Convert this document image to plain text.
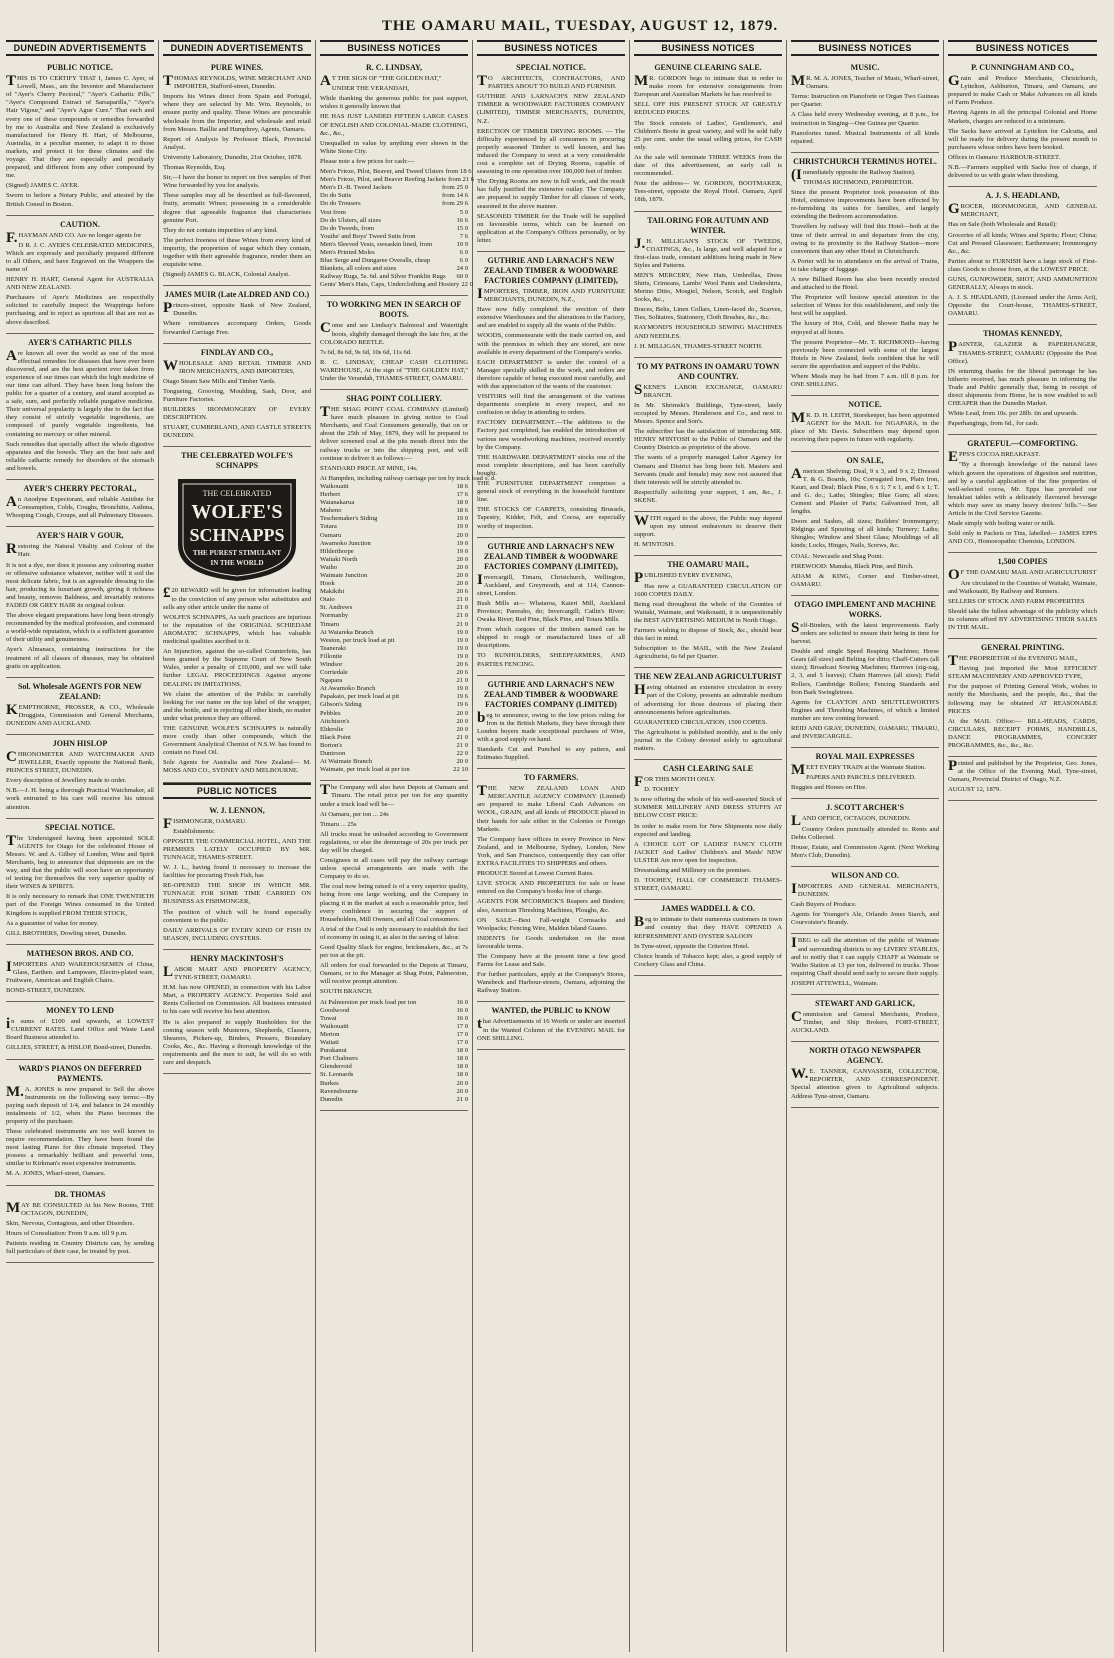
THE OAMARU MAIL, TUESDAY, AUGUST 12, 1879.
DUNEDIN ADVERTISEMENTS
PUBLIC NOTICE.

THIS IS TO CERTIFY THAT I, James C. Ayer, of Lowell, Mass., am the Inventor and Manufacturer of "Ayer's Cherry Pectoral," "Ayer's Cathartic Pills," "Ayer's Compound Extract of Sarsaparilla," "Ayer's Hair Vigour," and "Ayer's Ague Cure." That each and every one of these compounds or remedies forwarded by me to Australia and New Zealand is exclusively manufactured for Henry H. Hart, of Melbourne, Australia, in a peculiar manner, to adapt it to those markets, and protect it for these climates and the voyage. That they are especially and peculiarly prepared, and different from any other compound by me.

(Signed) JAMES C. AYER.

Sworn to before a Notary Public, and attested by the British Consul in Boston.

CAUTION.

F.HAYMAN AND CO. Are no longer agents for

D R. J. C. AYER'S CELEBRATED MEDICINES, Which are expressly and peculiarly prepared different to all Others, and have Engraved on the Wrappers the name of

HENRY H. HART, General Agent for AUSTRALIA AND NEW ZEALAND.

Purchasers of Ayer's Medicines are respectfully solicited to carefully inspect the Wrappings before purchasing, and to reject as spurious all that are not as above described.

AYER'S CATHARTIC PILLS

Are known all over the world as one of the most effectual remedies for diseases that have ever been discovered, and are the best aperient ever taken from experience of our times can which the high medicine of our time can afford. They have been long before the public for a quarter of a century, and stand accepted as a safe, sure, and perfectly reliable purgative medicine. Their universal popularity is largely due to the fact that they consist of strictly vegetable ingredients, are composed of purely vegetable ingredients, but containing no mercury or other mineral.

Such remedies that specially affect the whole digestive apparatus and the bowels. They are the best safe and reliable cathartic remedy for disorders of the stomach and bowels.

AYER'S CHERRY PECTORAL,

An Anodyne Expectorant, and reliable Antidote for Consumption, Colds, Coughs, Bronchitis, Asthma, Whooping Cough, Croups, and all Pulmonary Diseases.

AYER'S HAIR V GOUR,

Restoring the Natural Vitality and Colour of the Hair.

It is not a dye, nor does it possess any colouring matter or offensive substance whatever, neither will it soil the most delicate fabric, but is an agreeable dressing to the hair, producing its luxuriant growth, giving it richness and beauty, removes Baldness, and invariably restores FADED OR GREY HAIR its original colour.

The above elegant preparations have long been strongly recommended by the medical profession, and command a world-wide reputation, which is a sufficient guarantee of their utility and genuineness.

Ayer's Almanacs, containing instructions for the treatment of all classes of diseases, may be obtained gratis on application.

Sol. Wholesale AGENTS FOR NEW ZEALAND:

KEMPTHORNE, PROSSER, & CO., Wholesale Druggists, Commission and General Merchants, DUNEDIN AND AUCKLAND.

JOHN HISLOP

CHRONOMETER AND WATCHMAKER AND JEWELLER, Exactly opposite the National Bank, PRINCES STREET, DUNEDIN.

Every description of Jewellery made to order.

N.B.—J. H. being a thorough Practical Watchmaker, all work entrusted to his care will receive his utmost attention.

SPECIAL NOTICE.

The Undersigned having been appointed SOLE AGENTS for Otago for the celebrated House of Messrs. W. and A. Gilbey of London, Wine and Spirit Merchants, beg to announce that shipments are on the way, and that the public will soon have an opportunity of testing for themselves the very superior quality of their WINES & SPIRITS.

It is only necessary to remark that ONE TWENTIETH part of the Foreign Wines consumed in the United Kingdom is supplied FROM THEIR STOCK,

As a guarantee of value for money.

GILL BROTHERS, Dowling street, Dunedin.

MATHESON BROS. AND CO.

IMPORTERS AND WAREHOUSEMEN of China, Glass, Earthen. and Lampware, Electro-plated ware, Fruitware, American and English Chairs.

BOND-STREET, DUNEDIN.

MONEY TO LEND

in sums of £100 and upwards, at LOWEST CURRENT RATES. Land Office and Waste Land Board Business attended to.

GILLIES, STREET, & HISLOP, Bond-street, Dunedin.

WARD'S PIANOS ON DEFERRED PAYMENTS.

M.A. JONES is now prepared to Sell the above Instruments on the following easy terms:—By paying such deposit of 1/4, and balance in 24 monthly instalments of 1/2, when the Piano becomes the property of the purchaser.

These celebrated instruments are too well known to require recommendation. They have been found the most lasting Piano for this climate imported. They possess a remarkably brilliant and powerful tone, similar to Kirkman's most expensive instruments.

M. A. JONES, Wharf-street, Oamaru.

DR. THOMAS

MAY BE CONSULTED At his New Rooms, THE OCTAGON, DUNEDIN,

Skin, Nervous, Contagious, and other Disorders.

Hours of Consultation: From 9 a.m. till 9 p.m.

Patients residing in Country Districts can, by sending full particulars of their case, be treated by post.

DUNEDIN ADVERTISEMENTS
PURE WINES.

THOMAS REYNOLDS, WINE MERCHANT AND IMPORTER, Stafford-street, Dunedin.

Imports his Wines direct from Spain and Portugal, where they are selected by Mr. Wm. Reynolds, to ensure purity and quality. These Wines are procurable wholesale from the Importer, and wholesale and retail from Messrs. Baillie and Humphrey, Agents, Oamaru.

Report of Analysis by Professor Black, Provincial Analyst.

University Laboratory, Dunedin, 21st October, 1878.

Thomas Reynolds, Esq.

Sir,—I have the honor to report on five samples of Port Wine forwarded by you for analysis.

These samples may all be described as full-flavoured, fruity, aromatic Wines; possessing in a considerable degree that agreeable fragrance that characterises genuine Port.

They do not contain impurities of any kind.

The perfect freeness of these Wines from every kind of impurity, the proportion of sugar which they contain, together with their agreeable fragrance, render them an exquisite wine.

(Signed) JAMES G. BLACK, Colonial Analyst.

JAMES MUIR (Late ALDRED AND CO.)

Princes-street, opposite Bank of New Zealand, Dunedin.

Where remittances accompany Orders, Goods forwarded Carriage Free.

FINDLAY AND CO.,

WHOLESALE AND RETAIL TIMBER AND IRON MERCHANTS, AND IMPORTERS,

Otago Steam Saw Mills and Timber Yards.

Tongueing, Grooving, Moulding, Sash, Door, and Furniture Factories.

BUILDERS IRONMONGERY OF EVERY DESCRIPTION.

STUART, CUMBERLAND, AND CASTLE STREETS DUNEDIN.

THE CELEBRATED WOLFE'S SCHNAPPS
THE CELEBRATED
WOLFE'S
SCHNAPPS
THE PUREST STIMULANT
IN THE WORLD

£20 REWARD will be given for information leading to the conviction of any person who substitutes and sells any other article under the name of

WOLFE'S SCHNAPPS, As such practices are injurious to the reputation of the ORIGINAL SCHIEDAM AROMATIC SCHNAPPS, which has valuable medicinal qualities ascribed to it.

An Injunction, against the so-called Counterfeits, has been granted by the Supreme Court of New South Wales, under a penalty of £10,000, and we will take further LEGAL PROCEEDINGS Against anyone DEALING IN IMITATIONS.

We claim the attention of the Public in carefully looking for our name on the top label of the wrapper, and the bottle, and in rejecting all other kinds, no matter under what pretence they are offered.

THE GENUINE WOLFE'S SCHNAPPS is naturally more costly than other compounds, which the Government Analytical Chemist of N.S.W. has found to contain no Fusel Oil.

Sole Agents for Australia and New Zealand— M. MOSS AND CO., SYDNEY AND MELBOURNE.

PUBLIC NOTICES
W. J. LENNON,

FISHMONGER, OAMARU.

Establishments:

OPPOSITE THE COMMERCIAL HOTEL, AND THE PREMISES LATELY OCCUPIED BY MR. TUNNAGE, THAMES-STREET.

W. J. L., having found it necessary to increase the facilities for procuring Fresh Fish, has

RE-OPENED THE SHOP IN WHICH MR. TUNNAGE FOR SOME TIME CARRIED ON BUSINESS AS FISHMONGER,

The position of which will be found especially convenient to the public.

DAILY ARRIVALS OF EVERY KIND OF FISH IN SEASON, INCLUDING OYSTERS.

HENRY MACKINTOSH'S

LABOR MART AND PROPERTY AGENCY, TYNE-STREET, OAMARU.

H.M. has now OPENED, in connection with his Labor Mart, a PROPERTY AGENCY. Properties Sold and Rents Collected on Commission. All business entrusted to his care will receive his best attention.

He is also prepared to supply Runholders for the coming season with Musterers, Shepherds, Classers, Shearers, Pickers-up, Binders, Pressers, Boundary Cooks, &c., &c. Having a thorough knowledge of the requirements and the men to suit, he will do so with care and despatch.

BUSINESS NOTICES
R. C. LINDSAY,

AT THE SIGN OF "THE GOLDEN HAT,"

UNDER THE VERANDAH,

While thanking the generous public for past support, wishes it generally known that

HE HAS JUST LANDED FIFTEEN LARGE CASES OF ENGLISH AND COLONIAL-MADE CLOTHING, &c., &c.,

Unequalled in value by anything ever shown in the White Stone City.

Please note a few prices for cash:—

Men's Frieze, Pilot, Beaver, and Tweed Ulsters from 18 6
Men's Frieze, Pilot, and Beaver Reefing Jackets from 21 6
Men's D.-B. Tweed Jackets	from 25 0
Do do Suits	from 14 6
Do do Trousers	from 29 6
Vest from	5 0
Do do Ulsters, all sizes	16 6
Do do Tweeds, from	15 0
Youths' and Boys' Tweed Suits from	7 6
Men's Sleeved Vests, sweaskin lined, from	10 9
Men's Printed Moles	6 0
Blue Serge and Dungaree Overalls, cheap	6 0
Blankets, all colors and sizes	24 0
Railway Rugs, 5s. 6d. and Silver Franklin Rugs	60 0
Gents' Men's Hats, Caps, Underclothing and Hosiery 22 0
TO WORKING MEN IN SEARCH OF BOOTS.

Come and see Lindsay's Balmoral and Watertight boots, slightly damaged through the late fire, at the COLORADO BEETLE.

7s 6d, 8s 6d, 9s 6d, 10s 6d, 11s 6d.

R. C. LINDSAY, CHEAP CASH CLOTHING WAREHOUSE, At the sign of "THE GOLDEN HAT," Under the Verandah, THAMES-STREET, OAMARU.

SHAG POINT COLLIERY.

THE SHAG POINT COAL COMPANY (Limited) have much pleasure in giving notice to Coal Merchants, and Coal Consumers generally, that on or about the 25th of May, 1879, they will be prepared to deliver screened coal at the pits mouth direct into the railway trucks or into the shipping port, and will continue to deliver it as follows:—

STANDARD PRICE AT MINE, 14s.

At Hampden, including railway carriage per ton by truck load s. d.
Waikouaiti	18 6
Herbert	17 6
Waianakarua	18 0
Maheno	18 6
Teschemaker's Siding	19 0
Totara	19 0
Oamaru	20 0
Awamoko Junction	19 0
Hilderthorpe	19 0
Waitaki North	20 0
Waiho	20 0
Waimate Junction	20 0
Hook	20 0
Makikihi	20 6
Otaio	21 0
St. Andrews	21 0
Normanby	21 0
Timaru	21 0
At Waiareka Branch	19 0
Weston, per truck load at pit	19 0
Teaneraki	19 0
Fillonite	19 0
Windsor	20 6
Corriedale	20 6
Ngapara	21 0
At Awamoko Branch	19 0
Papakaio, per truck load at pit	19 6
Gibson's Siding	19 6
Pebbles	20 0
Aitchison's	20 0
Elderslie	20 0
Black Point	21 0
Borton's	21 0
Duntroon	22 0
At Waimate Branch	20 0
Waimate, per truck load at per ton	22 10

The Company will also have Depots at Oamaru and Timaru. The retail price per ton for any quantity under a truck load will be—

At Oamaru, per ton ... 24s

Timaru ... 25s

All trucks must be unloaded according to Government regulations, or else the demurrage of 20s per truck per day will be charged.

Consignees in all cases will pay the railway carriage unless special arrangements are made with the Company to do so.

The coal now being raised is of a very superior quality, being from one large working, and the Company in placing it in the market at such a reasonable price, feel every confidence in securing the support of Householders, Mill Owners, and all Coal consumers.

A trial of the Coal is only necessary to establish the fact of economy in using it, as also in the saving of labor.

Good Quality Slack for engine, brickmakers, &c., at 7s per ton at the pit.

All orders for coal forwarded to the Depots at Timaru, Oamaru, or to the Manager at Shag Point, Palmerston, will receive prompt attention.

SOUTH BRANCH.

At Palmerston per truck load per ton	16 0
Goodwood	16 0
Tuwai	16 0
Waikouaiti	17 0
Merton	17 0
Waitati	17 0
Purakanui	18 0
Port Chalmers	18 0
Glenderroid	18 0
St. Leonards	18 0
Burkes	20 0
Ravensbourne	20 0
Dunedin	21 0
BUSINESS NOTICES
SPECIAL NOTICE.

TO ARCHITECTS, CONTRACTORS, AND PARTIES ABOUT TO BUILD AND FURNISH.

GUTHRIE AND LARNACH'S NEW ZEALAND TIMBER & WOODWARE FACTORIES COMPANY (LIMITED), TIMBER MERCHANTS, DUNEDIN, N.Z.

ERECTION OF TIMBER DRYING ROOMS. — The difficulty experienced by all consumers in procuring properly seasoned Timber is well known, and has induced the Company to erect at a very considerable cost a complete set of Drying Rooms, capable of seasoning in one operation over 100,000 feet of timber.

The Drying Rooms are now in full work, and the result has fully justified the extensive outlay. The Company are prepared to supply Timber for all classes of work, seasoned in the above manner.

SEASONED TIMBER for the Trade will be supplied on favourable terms, which can be learned on application at the Company's Offices personally, or by letter.

GUTHRIE AND LARNACH'S NEW ZEALAND TIMBER & WOODWARE FACTORIES COMPANY (LIMITED),

IMPORTERS, TIMBER, IRON AND FURNITURE MERCHANTS, DUNEDIN, N.Z.,

Have now fully completed the erection of their extensive Warehouses and the alterations to the Factory, and are enabled to supply all the wants of the Public.

WOODS, commensurate with the trade carried on, and with the premises in which they are stored, are now available in every department of the Company's works.

EACH DEPARTMENT is under the control of a Manager specially skilled in the work, and orders are therefore capable of being executed most carefully, and with due appreciation of the wants of the customer.

VISITORS will find the arrangement of the various departments complete in every respect, and no confusion or delay in attending to orders.

FACTORY DEPARTMENT.—The additions to the Factory just completed, has enabled the introduction of various new woodworking machines, received recently by the Company.

THE HARDWARE DEPARTMENT stocks one of the most complete descriptions, and has been carefully bought.

THE FURNITURE DEPARTMENT comprises a general stock of everything in the household furniture line.

THE STOCKS OF CARPETS, consisting Brussels, Tapestry, Kidder, Felt, and Cocoa, are especially worthy of inspection.

GUTHRIE AND LARNACH'S NEW ZEALAND TIMBER & WOODWARE FACTORIES COMPANY (LIMITED),

Invercargill, Timaru, Christchurch, Wellington, Auckland, and Greymouth, and at 114, Cannon-street, London.

Bush Mills at— Whataroa, Kaieri Mill, Auckland Province; Pareraho, do; Invercargill; Catlin's River; Owaka River; Red Pine, Black Pine, and Totara Mills.

From which cargoes of the timbers named can be shipped to rough or manufactured lines of all descriptions.

TO RUNHOLDERS, SHEEPFARMERS, AND PARTIES FENCING.

GUTHRIE AND LARNACH'S NEW ZEALAND TIMBER & WOODWARE FACTORIES COMPANY (LIMITED)

beg to announce, owing to the low prices ruling for Iron in the British Markets, they have through their London buyers made exceptional purchases of Wire, with a good supply on hand.

Standards Cut and Punched to any pattern, and Estimates Supplied.

TO FARMERS.

THE NEW ZEALAND LOAN AND MERCANTILE AGENCY COMPANY (Limited) are prepared to make Liberal Cash Advances on WOOL, GRAIN, and all kinds of PRODUCE placed in their hands for sale either in the Colonies or Foreign Markets.

The Company have offices in every Province in New Zealand, and in Melbourne, Sydney, London, New York, and San Francisco, consequently they can offer EXTRA FACILITIES TO SHIPPERS and others.

PRODUCE Stored at Lowest Current Rates.

LIVE STOCK AND PROPERTIES for sale or lease entered on the Company's books free of charge.

AGENTS FOR M'CORMICK'S Reapers and Binders; also, American Threshing Machines, Ploughs, &c.

ON SALE—Best Fall-weight Cornsacks and Woolpacks; Fencing Wire, Malden Island Guano.

INDENTS for Goods undertaken on the most favourable terms.

The Company have at the present time a few good Farms for Lease and Sale.

For further particulars, apply at the Company's Stores, Wansbeck and Harbour-streets, Oamaru, adjoining the Railway Station.

WANTED, the PUBLIC to KNOW

that Advertisements of 16 Words or under are inserted in the Wanted Column of the EVENING MAIL for ONE SHILLING.

BUSINESS NOTICES
GENUINE CLEARING SALE.

MR. GORDON begs to intimate that in order to make room for extensive consignments from European and Australian Markets he has resolved to

SELL OFF HIS PRESENT STOCK AT GREATLY REDUCED PRICES.

The Stock consists of Ladies', Gentlemen's, and Children's Boots in great variety, and will be sold fully 25 per cent. under the usual selling prices, for CASH only.

As the sale will terminate THREE WEEKS from the date of this advertisement, an early call is recommended.

Note the address— W. GORDON, BOOTMAKER, Tees-street, opposite the Royal Hotel. Oamaru, April 18th, 1879.

TAILORING FOR AUTUMN AND WINTER.

J.H. MILLIGAN'S STOCK OF TWEEDS, COATINGS, &c., Is large, and well adapted for a first-class trade, constant additions being made in New Styles and Patterns.

MEN'S MERCERY, New Hats, Umbrellas, Dress Shirts, Crimeans, Lambs' Wool Pants and Undershirts, Merino Ditto, Mosgiel, Nelson, Scotch, and English Socks, &c.,

Braces, Belts, Linen Collars, Linen-faced do., Scarves, Ties, Solitaires, Stationery, Cloth Brushes, &c., &c.

RAYMOND'S HOUSEHOLD SEWING MACHINES AND NEEDLES.

J. H. MILLIGAN, THAMES-STREET NORTH.

TO MY PATRONS IN OAMARU TOWN AND COUNTRY.

SKENE'S LABOR EXCHANGE, OAMARU BRANCH.

In Mr. Shrimski's Buildings, Tyne-street, lately occupied by Messrs. Henderson and Co., and next to Messrs. Spence and Son's.

The subscriber has the satisfaction of introducing MR. HENRY M'INTOSH to the Public of Oamaru and the Country Districts as proprietor of the above.

The wants of a properly managed Labor Agency for Oamaru and District has long been felt. Masters and Servants (male and female) may now rest assured that their interests will be strictly attended to.

Respectfully soliciting your support, I am, &c., J. SKENE.

WITH regard to the above, the Public may depend upon my utmost endeavours to deserve their support.

H. M'INTOSH.

THE OAMARU MAIL,

PUBLISHED EVERY EVENING,

Has now a GUARANTEED CIRCULATION OF 1600 COPIES DAILY.

Being read throughout the whole of the Counties of Waitaki, Waimate, and Waikouaiti, it is unquestionably the BEST ADVERTISING MEDIUM in North Otago.

Farmers wishing to dispose of Stock, &c., should bear this fact in mind.

Subscription to the MAIL, with the New Zealand Agriculturist, 6s 6d per Quarter.

THE NEW ZEALAND AGRICULTURIST

Having obtained an extensive circulation in every part of the Colony, presents an admirable medium of advertising for those desirous of placing their announcements before agriculturists.

GUARANTEED CIRCULATION, 1500 COPIES.

The Agriculturist is published monthly, and is the only journal in the Colony devoted solely to agricultural matters.

CASH CLEARING SALE

FOR THIS MONTH ONLY.

D. TOOHEY

Is now offering the whole of his well-assorted Stock of SUMMER MILLINERY AND DRESS STUFFS AT BELOW COST PRICE:

In order to make room for New Shipments now daily expected and landing.

A CHOICE LOT OF LADIES' FANCY CLOTH JACKET And Ladies' Children's and Maids' NEW ULSTER Are now open for inspection.

Dressmaking and Millinery on the premises.

D. TOOHEY, HALL OF COMMERCE THAMES-STREET, OAMARU.

JAMES WADDELL & CO.

Beg to intimate to their numerous customers in town and country that they HAVE OPENED A REFRESHMENT AND OYSTER SALOON

In Tyne-street, opposite the Criterion Hotel.

Choice brands of Tobacco kept; also, a good supply of Crockery Glass and China.

BUSINESS NOTICES
MUSIC.

MR. M. A. JONES, Teacher of Music, Wharf-street, Oamaru.

Terms: Instruction on Pianoforte or Organ Two Guineas per Quarter.

A Class held every Wednesday evening, at 8 p.m., for instruction in Singing—One Guinea per Quarter.

Pianofortes tuned. Musical Instruments of all kinds repaired.

CHRISTCHURCH TERMINUS HOTEL.

(Immediately opposite the Railway Station).

THOMAS RICHMOND, PROPRIETOR.

Since the present Proprietor took possession of this Hotel, extensive improvements have been effected by re-furnishing its suites for families, and largely extending the Bedroom accommodation.

Travellers by railway will find this Hotel—both at the time of their arrival in and departure from the city, owing to its proximity to the Railway Station—more convenient than any other Hotel in Christchurch.

A Porter will be in attendance on the arrival of Trains, to take charge of luggage.

A new Billiard Room has also been recently erected and attached to the Hotel.

The Proprietor will bestow special attention to the selection of Wines for this establishment, and only the best will be supplied.

The luxury of Hot, Cold, and Shower Baths may be enjoyed at all hours.

The present Proprietor—Mr. T. RICHMOND—having previously been connected with some of the largest Hotels in New Zealand, feels confident that he will secure the approbation and support of the Public.

Where Meals may be had from 7 a.m. till 8 p.m. for ONE SHILLING.

NOTICE.

MR. D. H. LEITH, Storekeeper, has been appointed AGENT for the MAIL for NGAPARA, in the place of Mr. Davis. Subscribers may depend upon receiving their papers in future with regularity.

ON SALE,

American Shelving; Deal, 9 x 3, and 9 x 2; Dressed T. & G. Boards, 10s; Corrugated Iron, Plain Iron, Kauri, and Deal; Black Pine, 6 x 1; 7 x 1, and 6 x 1; T. and G. do.; Laths; Shingles; Blue Gum; all sizes; Cement and Plaster of Paris; Galvanised Iron, all lengths.

Doors and Sashes, all sizes; Builders' Ironmongery; Ridgings and Spouting of all kinds; Turnery; Laths; Shingles; Window and Sheet Glass; Mouldings of all kinds; Locks, Hinges, Nails, Screws, &c.

COAL: Newcastle and Shag Point.

FIREWOOD: Manuka, Black Pine, and Birch.

ADAM & KING, Corner and Timber-street, OAMARU.

OTAGO IMPLEMENT AND MACHINE WORKS.

Self-Binders, with the latest improvements. Early orders are solicited to ensure their being in time for harvest.

Double and single Speed Reaping Machines; Horse Gears (all sizes) and Belting for ditto; Chaff-Cutters (all sizes); Broadcast Sowing Machines; Harrows (zig-zag, 2, 3, and 5 leaves); Chain Harrows (all sizes); Field Rollers, Cambridge Rollers; Fencing Standards and Iron Bark Swingletrees.

Agents for CLAYTON AND SHUTTLEWORTH'S Engines and Threshing Machines, of which a limited number are now coming forward.

REID AND GRAY, DUNEDIN, OAMARU, TIMARU, and INVERCARGILL.

ROYAL MAIL EXPRESSES

MEET EVERY TRAIN at the Waimate Station.

PAPERS AND PARCELS DELIVERED.

Buggies and Horses on Hire.

J. SCOTT ARCHER'S

LAND OFFICE, OCTAGON, DUNEDIN.

Country Orders punctually attended to. Rents and Debts Collected.

House, Estate, and Commission Agent. (Next Working Men's Club, Dunedin).

WILSON AND CO.

IMPORTERS AND GENERAL MERCHANTS, DUNEDIN.

Cash Buyers of Produce.

Agents for Younger's Ale, Orlando Jones Starch, and Courvoisier's Brandy.

IBEG to call the attention of the public of Waimate and surrounding districts to my LIVERY STABLES, and to notify that I can supply CHAFF at Waimate or Waiho Station at 13 per ton, delivered in trucks. Those requiring Chaff should send early to secure their supply.

JOSEPH ATTEWELL, Waimate.

STEWART AND GARLICK,

Commission and General Merchants, Produce, Timber, and Ship Brokers, FORT-STREET, AUCKLAND.

NORTH OTAGO NEWSPAPER AGENCY.

W.E. TANNER, CANVASSER, COLLECTOR, REPORTER, AND CORRESPONDENT. Special attention given to Agricultural subjects. Address Tyne-street, Oamaru.

BUSINESS NOTICES
P. CUNNINGHAM AND CO.,

Grain and Produce Merchants, Christchurch, Lyttelton, Ashburton, Timaru, and Oamaru, are prepared to make Cash or Make Advances on all kinds of Farm Produce.

Having Agents in all the principal Colonial and Home Markets, charges are reduced to a minimum.

The Sacks have arrived at Lyttelton for Calcutta, and will be ready for delivery during the present month to purchasers whose orders have been booked.

Offices in Oamaru: HARBOUR-STREET.

N.B.—Farmers supplied with Sacks free of charge, if delivered to us with grain when threshing.

A. J. S. HEADLAND,

GROCER, IRONMONGER, AND GENERAL MERCHANT,

Has on Sale (both Wholesale and Retail):

Groceries of all kinds; Wines and Spirits; Flour; China; Cut and Pressed Glassware; Earthenware; Ironmongery &c., &c.

Parties about to FURNISH have a large stock of First-class Goods to choose from, at the LOWEST PRICE.

GUNS, GUNPOWDER, SHOT, AND AMMUNITION GENERALLY, Always in stock.

A. J. S. HEADLAND, (Licensed under the Arms Act), Opposite the Court-house, THAMES-STREET, OAMARU.

THOMAS KENNEDY,

PAINTER, GLAZIER & PAPERHANGER, THAMES-STREET, OAMARU (Opposite the Post Office).

IN returning thanks for the liberal patronage he has hitherto received, has much pleasure in informing the Trade and Public generally that, being in receipt of direct shipments from Home, he is now enabled to sell CHEAPER than the Dunedin Market.

White Lead, from 10s. per 28lb. tin and upwards.

Paperhangings, from 6d., for cash.

GRATEFUL—COMFORTING.

EPPS'S COCOA BREAKFAST.

"By a thorough knowledge of the natural laws which govern the operations of digestion and nutrition, and by a careful application of the fine properties of well-selected cocoa, Mr. Epps has provided our breakfast tables with a delicately flavoured beverage which may save us many heavy doctors' bills."—See Article in the Civil Service Gazette.

Made simply with boiling water or milk.

Sold only in Packets or Tins, labelled— JAMES EPPS AND CO., Homoeopathic Chemists, LONDON.

1,500 COPIES

OF THE OAMARU MAIL AND AGRICULTURIST

Are circulated in the Counties of Waitaki, Waimate, and Waikouaiti, By Railway and Runners.

SELLERS OF STOCK AND FARM PROPERTIES

Should take the fullest advantage of the publicity which its columns afford BY ADVERTISING THEIR SALES IN THE MAIL.

GENERAL PRINTING.

THE PROPRIETOR of the EVENING MAIL,

Having just imported the Most EFFICIENT STEAM MACHINERY AND APPROVED TYPE,

For the purpose of Printing General Work, wishes to notify the Merchants, and the people, &c., that the following may be obtained AT REASONABLE PRICES

At the MAIL Office:— BILL-HEADS, CARDS, CIRCULARS, RECEIPT FORMS, HANDBILLS, DANCE PROGRAMMES, CONCERT PROGRAMMES, &c., &c., &c.

Printed and published by the Proprietor, Geo. Jones, at the Office of the Evening Mail, Tyne-street, Oamaru, Provincial District of Otago, N.Z.

AUGUST 12, 1879.
